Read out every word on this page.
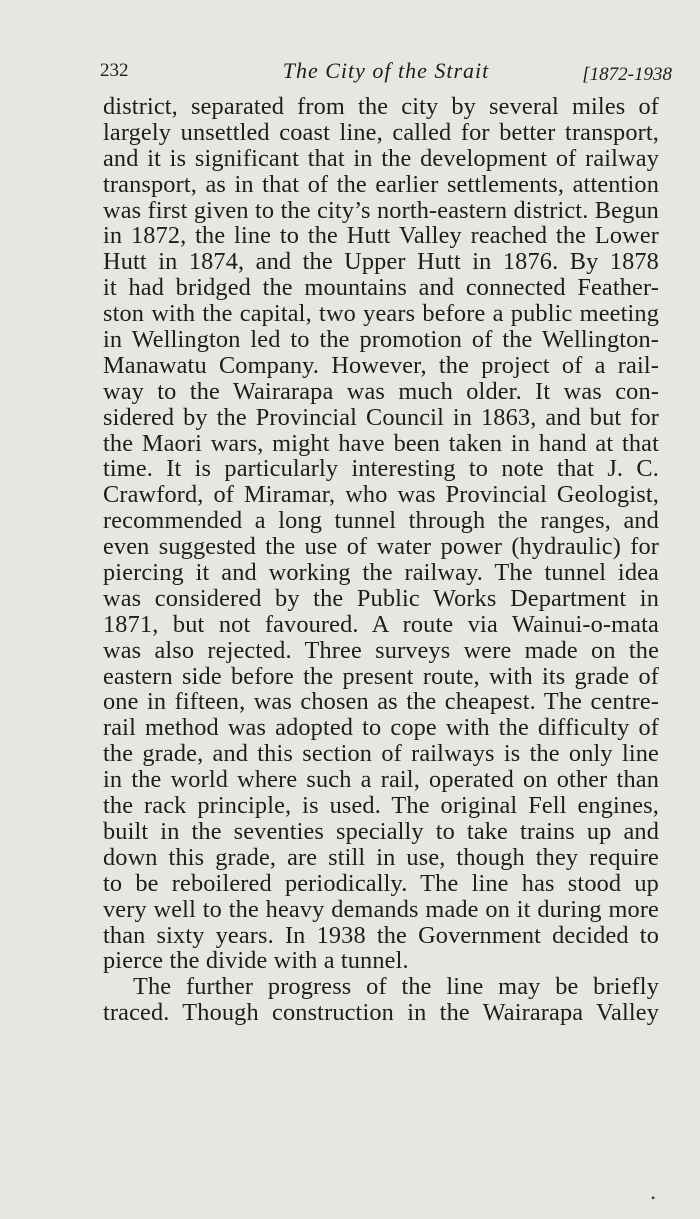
232	The City of the Strait	[1872-1938
district, separated from the city by several miles of
largely unsettled coast line, called for better transport,
and it is significant that in the development of railway
transport, as in that of the earlier settlements, attention
was first given to the city’s north-eastern district. Begun
in 1872, the line to the Hutt Valley reached the Lower
Hutt in 1874, and the Upper Hutt in 1876. By 1878
it had bridged the mountains and connected Feather-
ston with the capital, two years before a public meeting
in Wellington led to the promotion of the Wellington-
Manawatu Company. However, the project of a rail-
way to the Wairarapa was much older. It was con-
sidered by the Provincial Council in 1863, and but for
the Maori wars, might have been taken in hand at that
time. It is particularly interesting to note that J. C.
Crawford, of Miramar, who was Provincial Geologist,
recommended a long tunnel through the ranges, and
even suggested the use of water power (hydraulic) for
piercing it and working the railway. The tunnel idea
was considered by the Public Works Department in
1871, but not favoured. A route via Wainui-o-mata
was also rejected. Three surveys were made on the
eastern side before the present route, with its grade of
one in fifteen, was chosen as the cheapest. The centre-
rail method was adopted to cope with the difficulty of
the grade, and this section of railways is the only line
in the world where such a rail, operated on other than
the rack principle, is used. The original Fell engines,
built in the seventies specially to take trains up and
down this grade, are still in use, though they require
to be reboilered periodically. The line has stood up
very well to the heavy demands made on it during more
than sixty years. In 1938 the Government decided to
pierce the divide with a tunnel.
The further progress of the line may be briefly
traced. Though construction in the Wairarapa Valley
•
